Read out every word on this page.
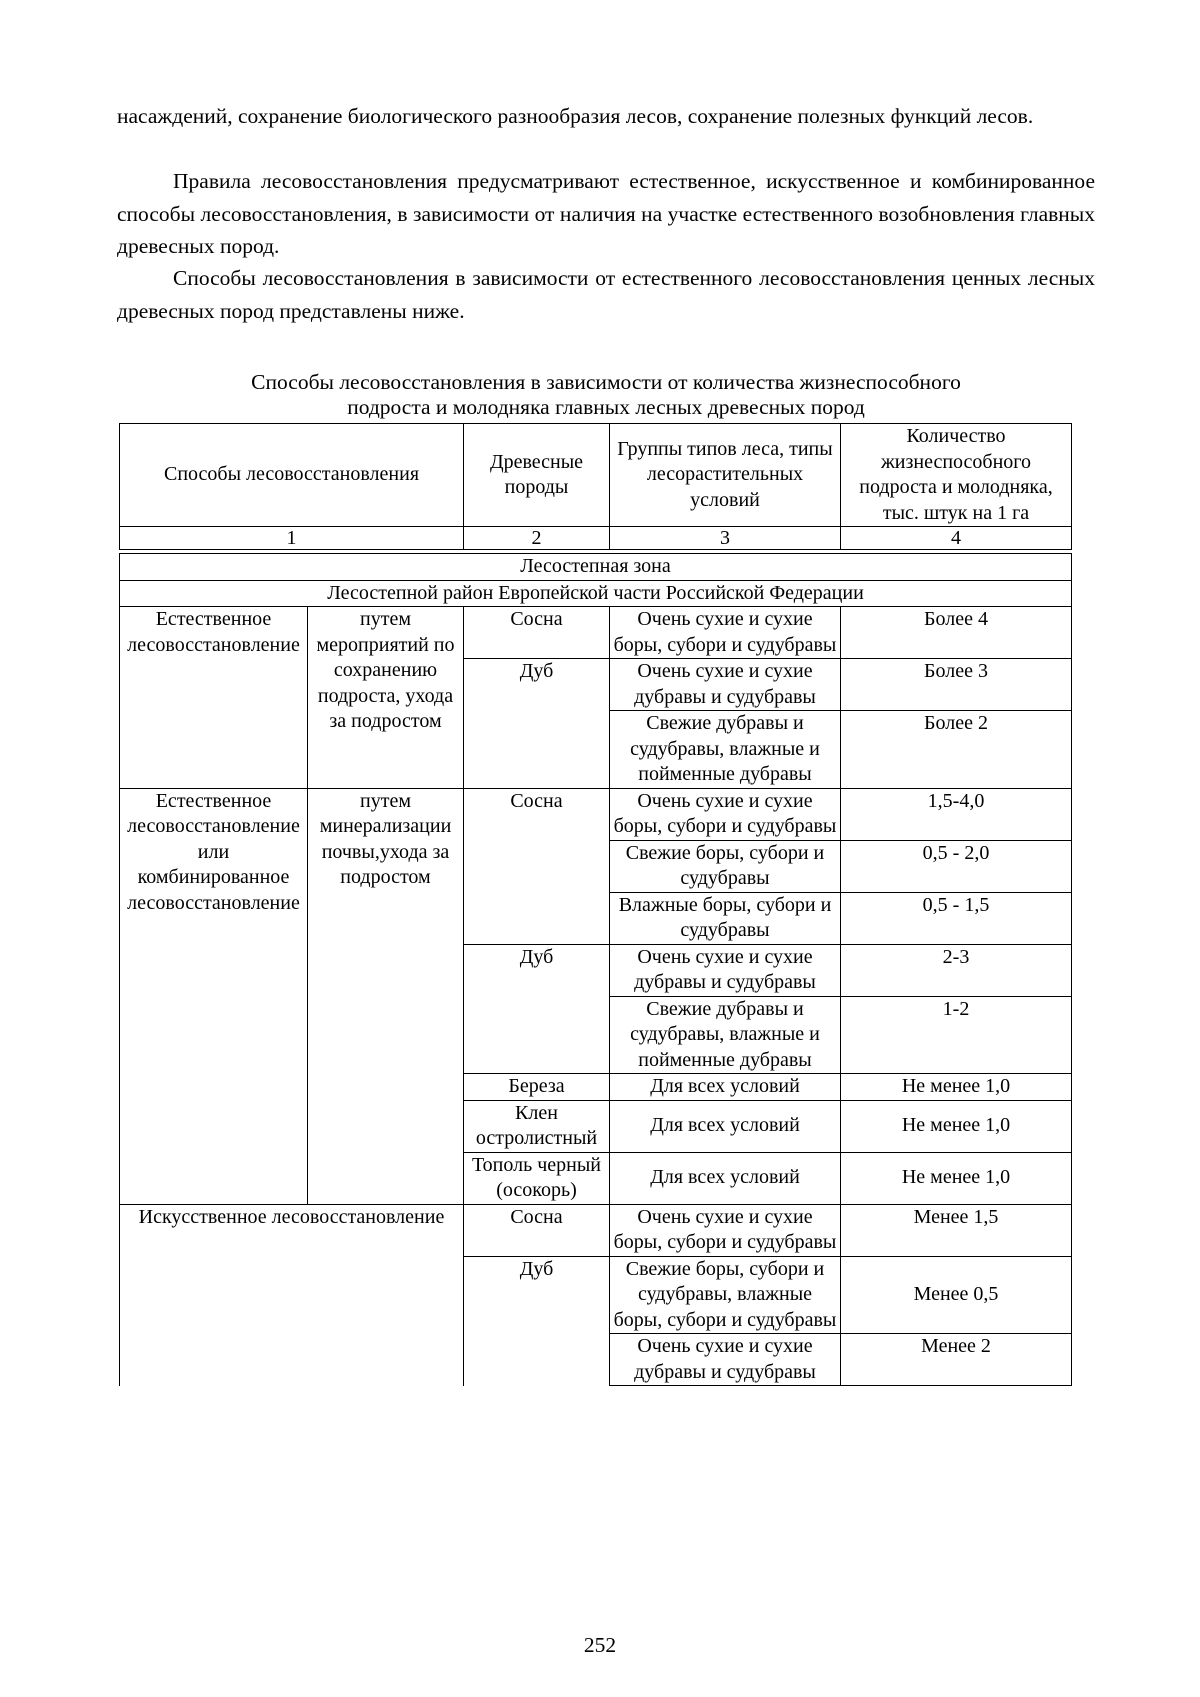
насаждений, сохранение биологического разнообразия лесов, сохранение полезных функций лесов.

Правила лесовосстановления предусматривают естественное, искусственное и комбинированное способы лесовосстановления, в зависимости от наличия на участке естественного возобновления главных древесных пород.

Способы лесовосстановления в зависимости от естественного лесовосстановления ценных лесных древесных пород представлены ниже.

Способы лесовосстановления в зависимости от количества жизнеспособного
подроста и молодняка главных лесных древесных пород
Способы лесовосстановления		Древесные породы	Группы типов леса, типы лесорастительных условий	Количество жизнеспособного подроста и молодняка, тыс. штук на 1 га
1		2	3	4

Лесостепная зона				
Лесостепной район Европейской части Российской Федерации				
Естественное лесовосстановление	путем мероприятий по сохранению подроста, ухода за подростом	Сосна	Очень сухие и сухие боры, субори и судубравы	Более 4
		Дуб	Очень сухие и сухие дубравы и судубравы	Более 3
			Свежие дубравы и судубравы, влажные и пойменные дубравы	Более 2
Естественное лесовосстановление или комбинированное лесовосстановление	путем минерализации почвы,ухода за подростом	Сосна	Очень сухие и сухие боры, субори и судубравы	1,5-4,0
			Свежие боры, субори и судубравы	0,5 - 2,0
			Влажные боры, субори и судубравы	0,5 - 1,5
		Дуб	Очень сухие и сухие дубравы и судубравы	2-3
			Свежие дубравы и судубравы, влажные и пойменные дубравы	1-2
		Береза	Для всех условий	Не менее 1,0
		Клен остролистный	Для всех условий	Не менее 1,0
		Тополь черный (осокорь)	Для всех условий	Не менее 1,0
Искусственное лесовосстановление		Сосна	Очень сухие и сухие боры, субори и судубравы	Менее 1,5
		Дуб	Свежие боры, субори и судубравы, влажные боры, субори и судубравы	Менее 0,5
			Очень сухие и сухие дубравы и судубравы	Менее 2
252
